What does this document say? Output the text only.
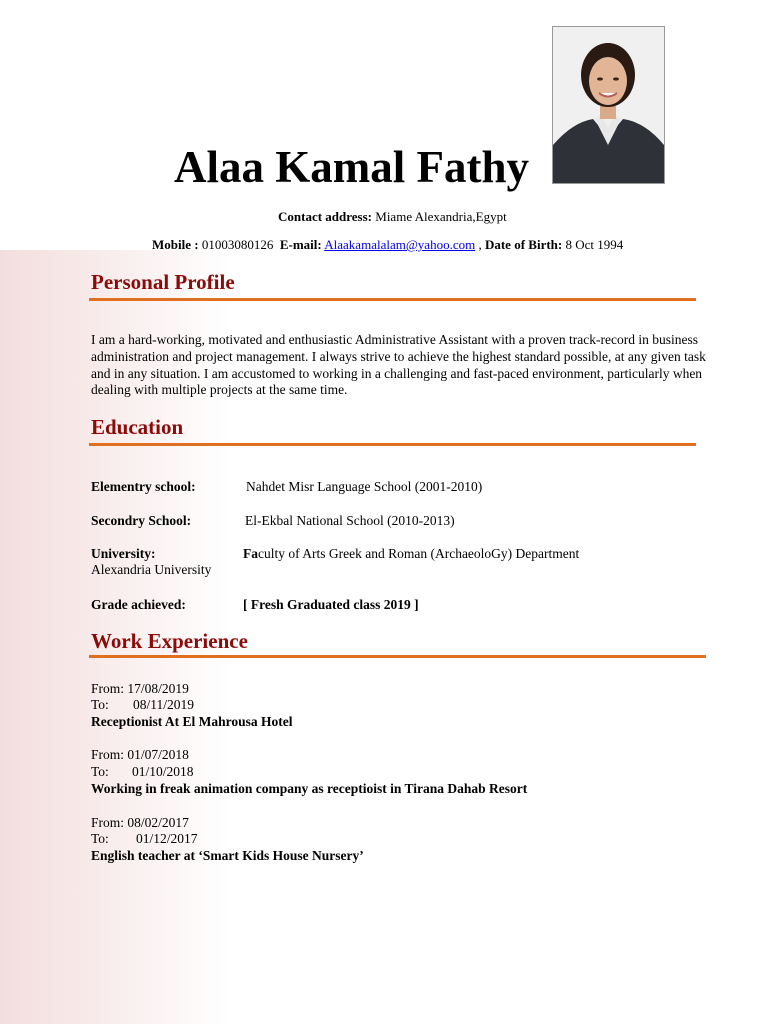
Alaa Kamal Fathy
Contact address: Miame Alexandria,Egypt
Mobile : 01003080126 E-mail: Alaakamalalam@yahoo.com , Date of Birth: 8 Oct 1994
Personal Profile
I am a hard-working, motivated and enthusiastic Administrative Assistant with a proven track-record in business administration and project management. I always strive to achieve the highest standard possible, at any given task and in any situation. I am accustomed to working in a challenging and fast-paced environment, particularly when dealing with multiple projects at the same time.
Education
Elementry school:	Nahdet Misr Language School (2001-2010)
Secondry School:	El-Ekbal National School (2010-2013)
University:	Faculty of Arts Greek and Roman (ArchaeoloGy) Department
Alexandria University
Grade achieved:	[ Fresh Graduated class 2019 ]
Work Experience
From: 17/08/2019
To: 08/11/2019
Receptionist At El Mahrousa Hotel
From: 01/07/2018
To: 01/10/2018
Working in freak animation company as receptioist in Tirana Dahab Resort
From: 08/02/2017
To: 01/12/2017
English teacher at ‘Smart Kids House Nursery’
